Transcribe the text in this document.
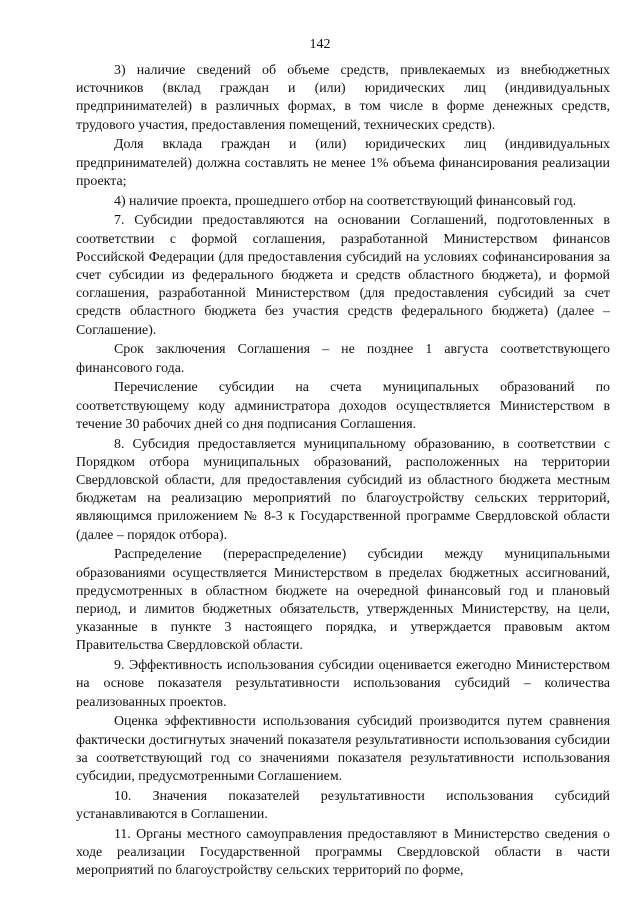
142

3) наличие сведений об объеме средств, привлекаемых из внебюджетных источников (вклад граждан и (или) юридических лиц (индивидуальных предпринимателей) в различных формах, в том числе в форме денежных средств, трудового участия, предоставления помещений, технических средств).

Доля вклада граждан и (или) юридических лиц (индивидуальных предпринимателей) должна составлять не менее 1% объема финансирования реализации проекта;

4) наличие проекта, прошедшего отбор на соответствующий финансовый год.

7. Субсидии предоставляются на основании Соглашений, подготовленных в соответствии с формой соглашения, разработанной Министерством финансов Российской Федерации (для предоставления субсидий на условиях софинансирования за счет субсидии из федерального бюджета и средств областного бюджета), и формой соглашения, разработанной Министерством (для предоставления субсидий за счет средств областного бюджета без участия средств федерального бюджета) (далее – Соглашение).

Срок заключения Соглашения – не позднее 1 августа соответствующего финансового года.

Перечисление субсидии на счета муниципальных образований по соответствующему коду администратора доходов осуществляется Министерством в течение 30 рабочих дней со дня подписания Соглашения.

8. Субсидия предоставляется муниципальному образованию, в соответствии с Порядком отбора муниципальных образований, расположенных на территории Свердловской области, для предоставления субсидий из областного бюджета местным бюджетам на реализацию мероприятий по благоустройству сельских территорий, являющимся приложением № 8-3 к Государственной программе Свердловской области (далее – порядок отбора).

Распределение (перераспределение) субсидии между муниципальными образованиями осуществляется Министерством в пределах бюджетных ассигнований, предусмотренных в областном бюджете на очередной финансовый год и плановый период, и лимитов бюджетных обязательств, утвержденных Министерству, на цели, указанные в пункте 3 настоящего порядка, и утверждается правовым актом Правительства Свердловской области.

9. Эффективность использования субсидии оценивается ежегодно Министерством на основе показателя результативности использования субсидий – количества реализованных проектов.

Оценка эффективности использования субсидий производится путем сравнения фактически достигнутых значений показателя результативности использования субсидии за соответствующий год со значениями показателя результативности использования субсидии, предусмотренными Соглашением.

10. Значения показателей результативности использования субсидий устанавливаются в Соглашении.

11. Органы местного самоуправления предоставляют в Министерство сведения о ходе реализации Государственной программы Свердловской области в части мероприятий по благоустройству сельских территорий по форме,
